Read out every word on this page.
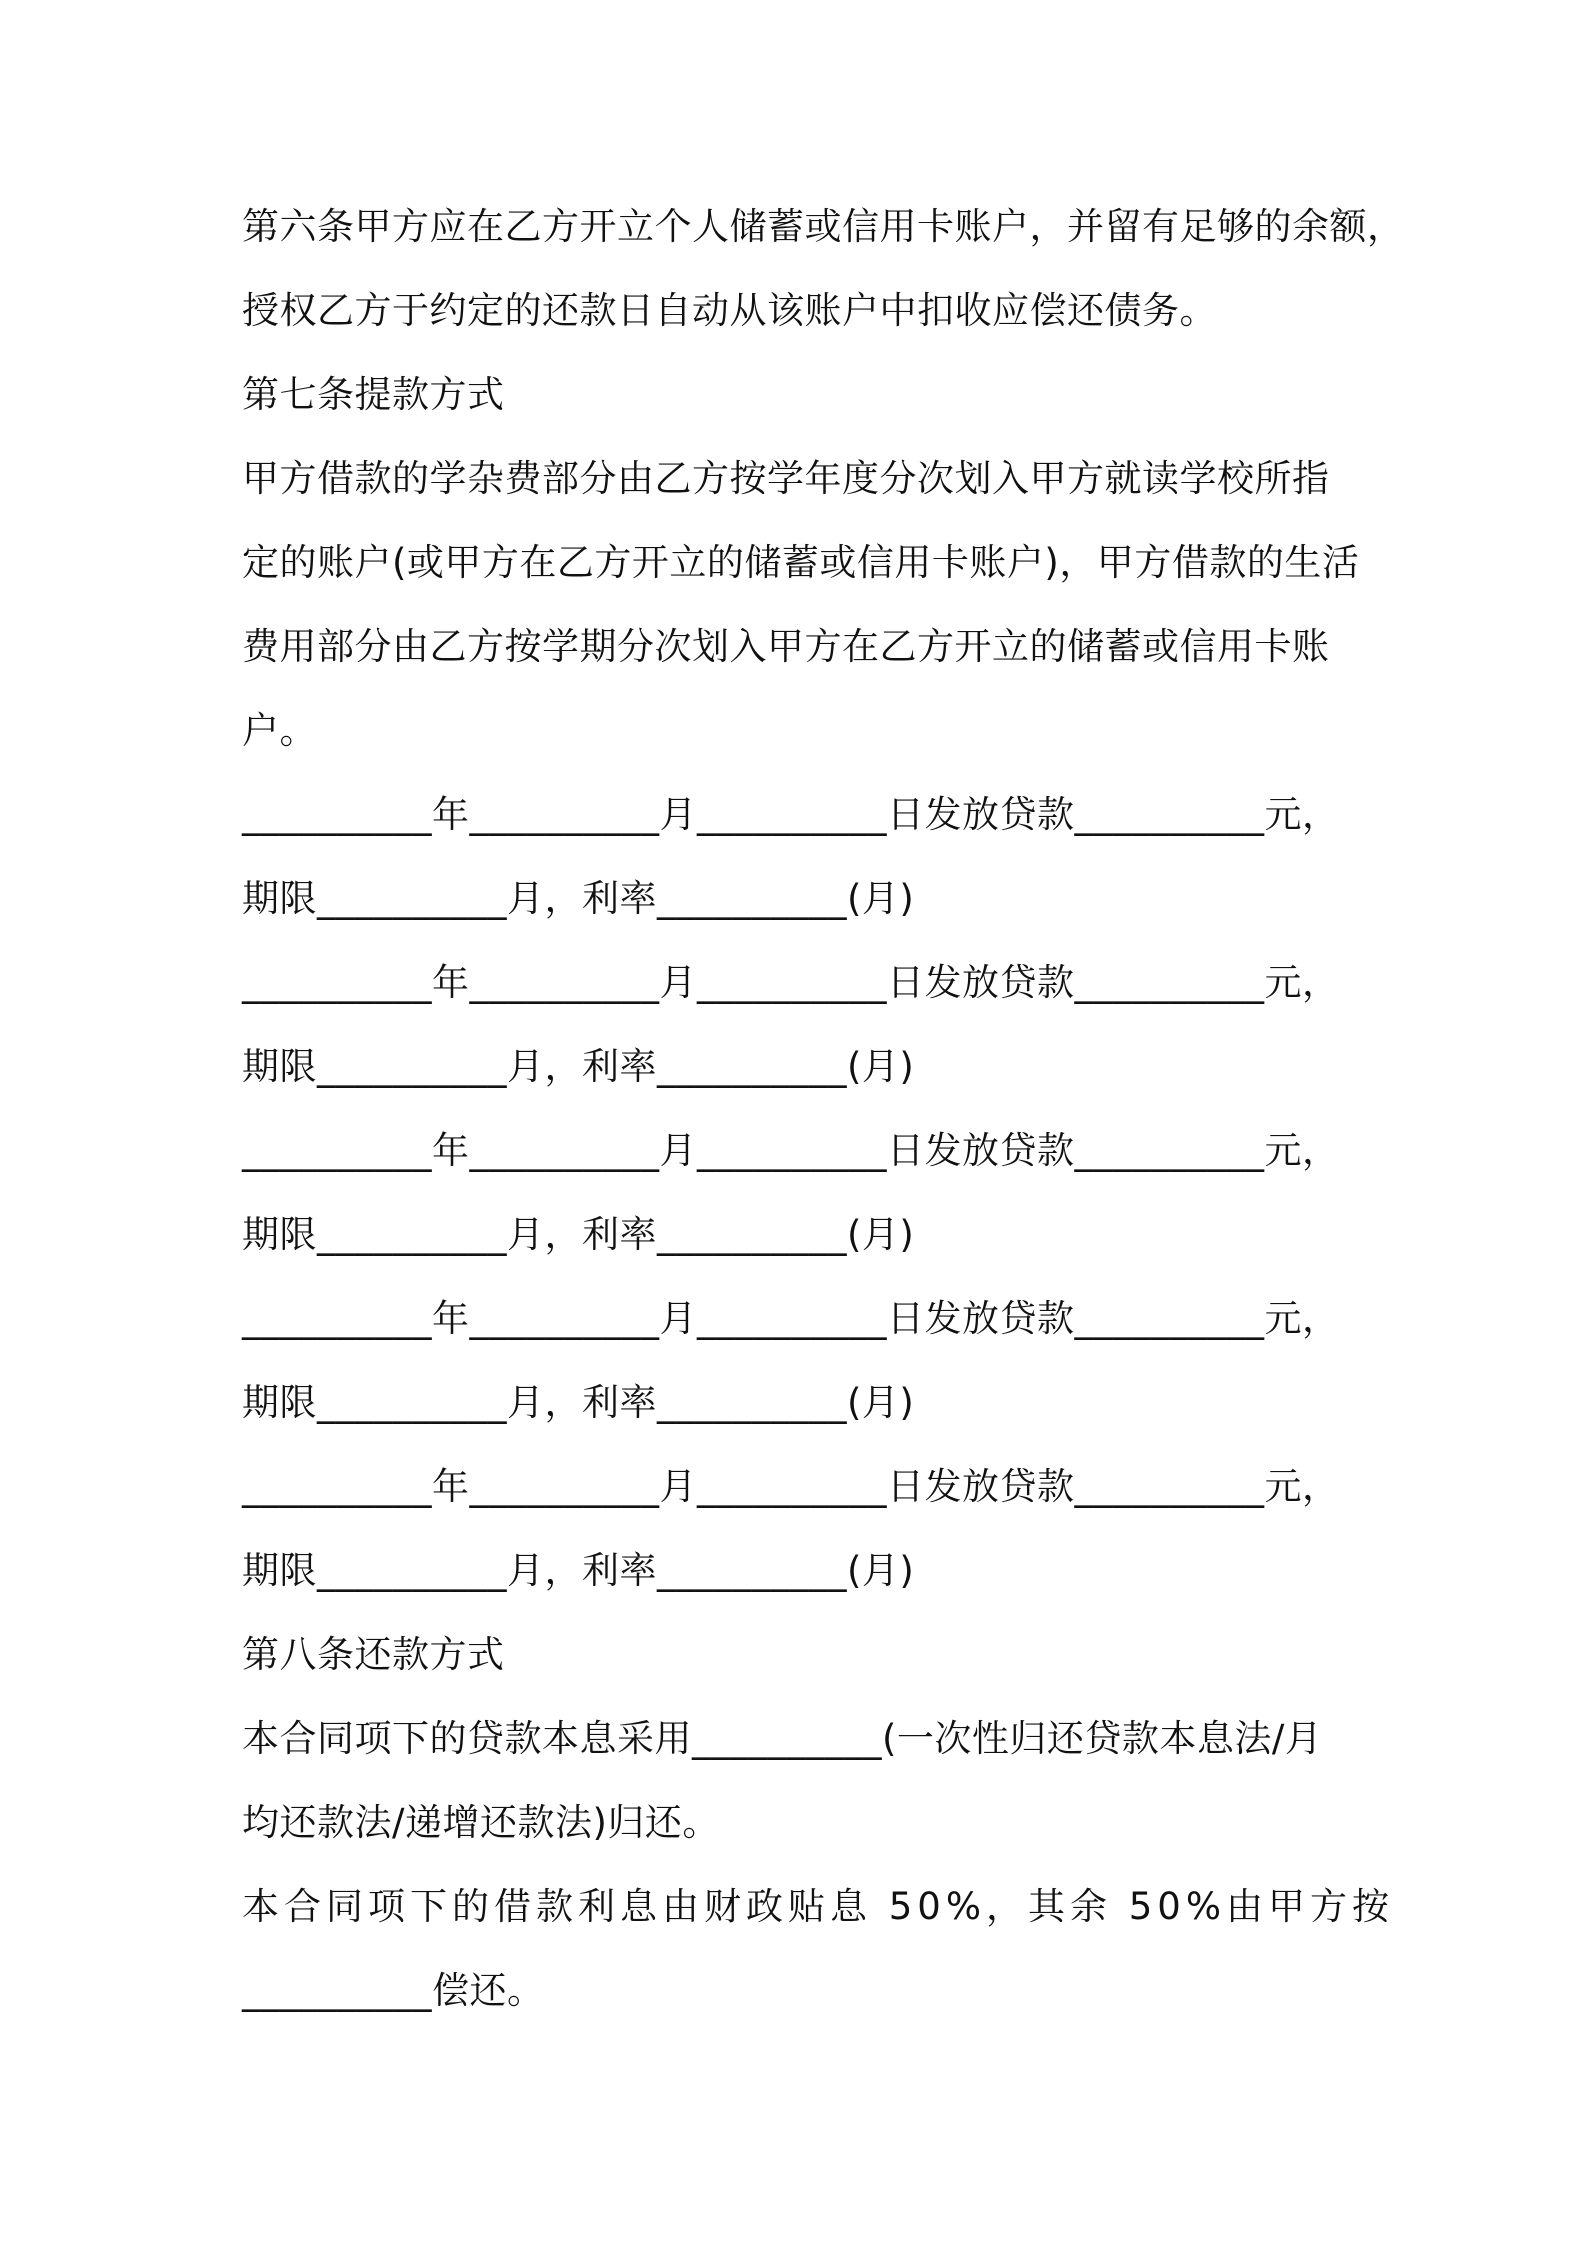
第六条甲方应在乙方开立个人储蓄或信用卡账户，并留有足够的余额，
授权乙方于约定的还款日自动从该账户中扣收应偿还债务。
第七条提款方式
甲方借款的学杂费部分由乙方按学年度分次划入甲方就读学校所指
定的账户(或甲方在乙方开立的储蓄或信用卡账户)，甲方借款的生活
费用部分由乙方按学期分次划入甲方在乙方开立的储蓄或信用卡账
户。
__________年__________月__________日发放贷款__________元，
期限__________月，利率__________(月)
__________年__________月__________日发放贷款__________元，
期限__________月，利率__________(月)
__________年__________月__________日发放贷款__________元，
期限__________月，利率__________(月)
__________年__________月__________日发放贷款__________元，
期限__________月，利率__________(月)
__________年__________月__________日发放贷款__________元，
期限__________月，利率__________(月)
第八条还款方式
本合同项下的贷款本息采用__________(一次性归还贷款本息法/月
均还款法/递增还款法)归还。
本合同项下的借款利息由财政贴息 50%，其余 50%由甲方按
__________偿还。
